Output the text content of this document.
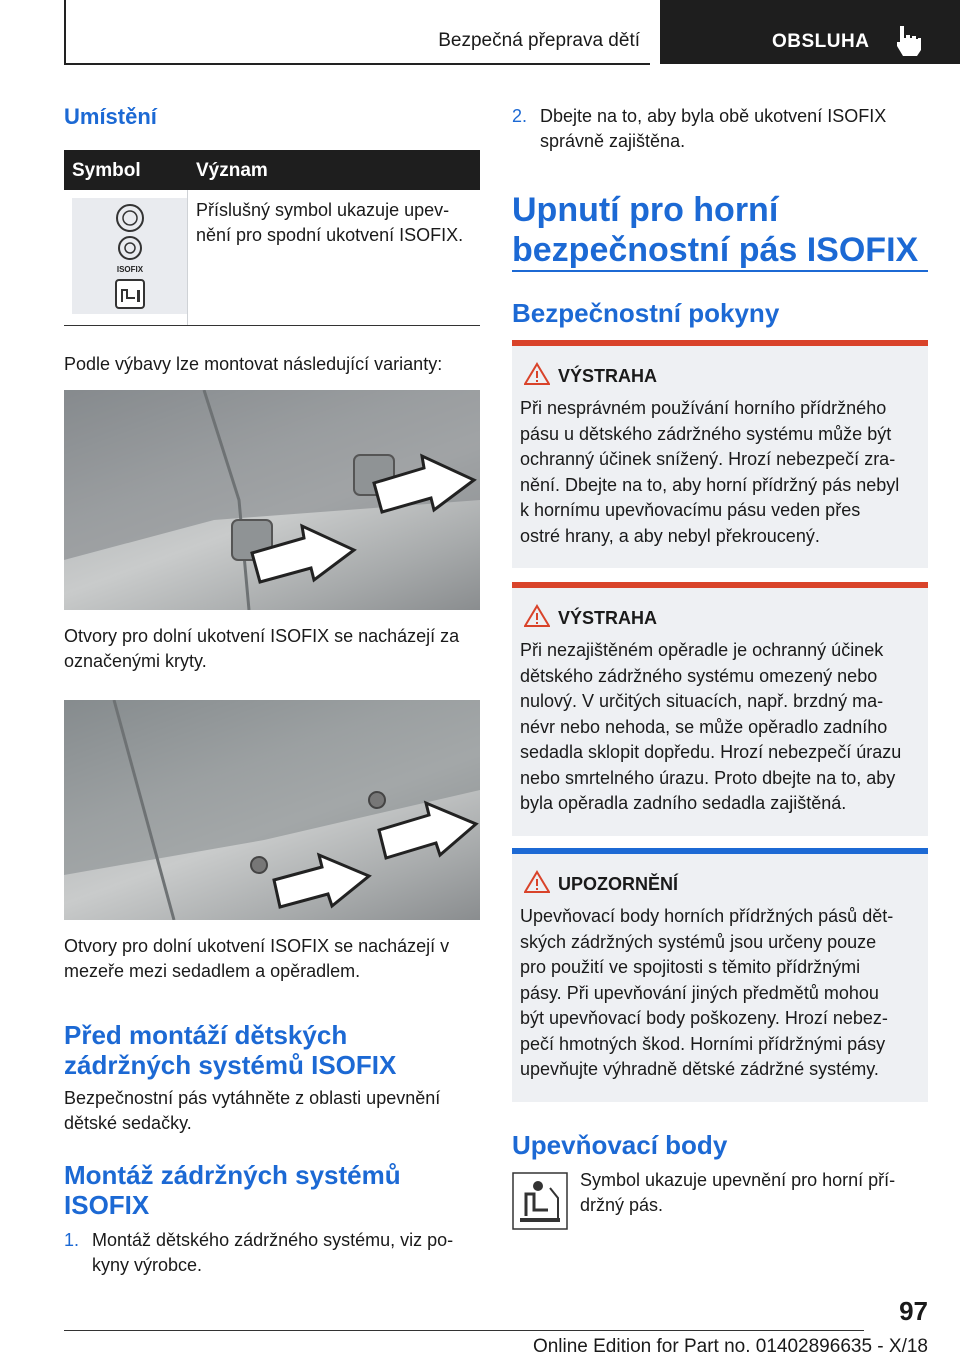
Bezpečná přeprava dětí	OBSLUHA
Umístění
Symbol	Význam
ISOFIX
Příslušný symbol ukazuje upev-
nění pro spodní ukotvení ISOFIX.
Podle výbavy lze montovat následující varianty:
Otvory pro dolní ukotvení ISOFIX se nacházejí za
označenými kryty.
Otvory pro dolní ukotvení ISOFIX se nacházejí v
mezeře mezi sedadlem a opěradlem.
Před montáží dětských
zádržných systémů ISOFIX
Bezpečnostní pás vytáhněte z oblasti upevnění
dětské sedačky.
Montáž zádržných systémů
ISOFIX
1. Montáž dětského zádržného systému, viz po-
kyny výrobce.
2. Dbejte na to, aby byla obě ukotvení ISOFIX
správně zajištěna.
Upnutí pro horní
bezpečnostní pás ISOFIX
Bezpečnostní pokyny
VÝSTRAHA
Při nesprávném používání horního přídržného
pásu u dětského zádržného systému může být
ochranný účinek snížený. Hrozí nebezpečí zra-
nění. Dbejte na to, aby horní přídržný pás nebyl
k hornímu upevňovacímu pásu veden přes
ostré hrany, a aby nebyl překroucený.
VÝSTRAHA
Při nezajištěném opěradle je ochranný účinek
dětského zádržného systému omezený nebo
nulový. V určitých situacích, např. brzdný ma-
névr nebo nehoda, se může opěradlo zadního
sedadla sklopit dopředu. Hrozí nebezpečí úrazu
nebo smrtelného úrazu. Proto dbejte na to, aby
byla opěradla zadního sedadla zajištěná.
UPOZORNĚNÍ
Upevňovací body horních přídržných pásů dět-
ských zádržných systémů jsou určeny pouze
pro použití ve spojitosti s těmito přídržnými
pásy. Při upevňování jiných předmětů mohou
být upevňovací body poškozeny. Hrozí nebez-
pečí hmotných škod. Horními přídržnými pásy
upevňujte výhradně dětské zádržné systémy.
Upevňovací body
Symbol ukazuje upevnění pro horní pří-
držný pás.
97
Online Edition for Part no. 01402896635 - X/18
